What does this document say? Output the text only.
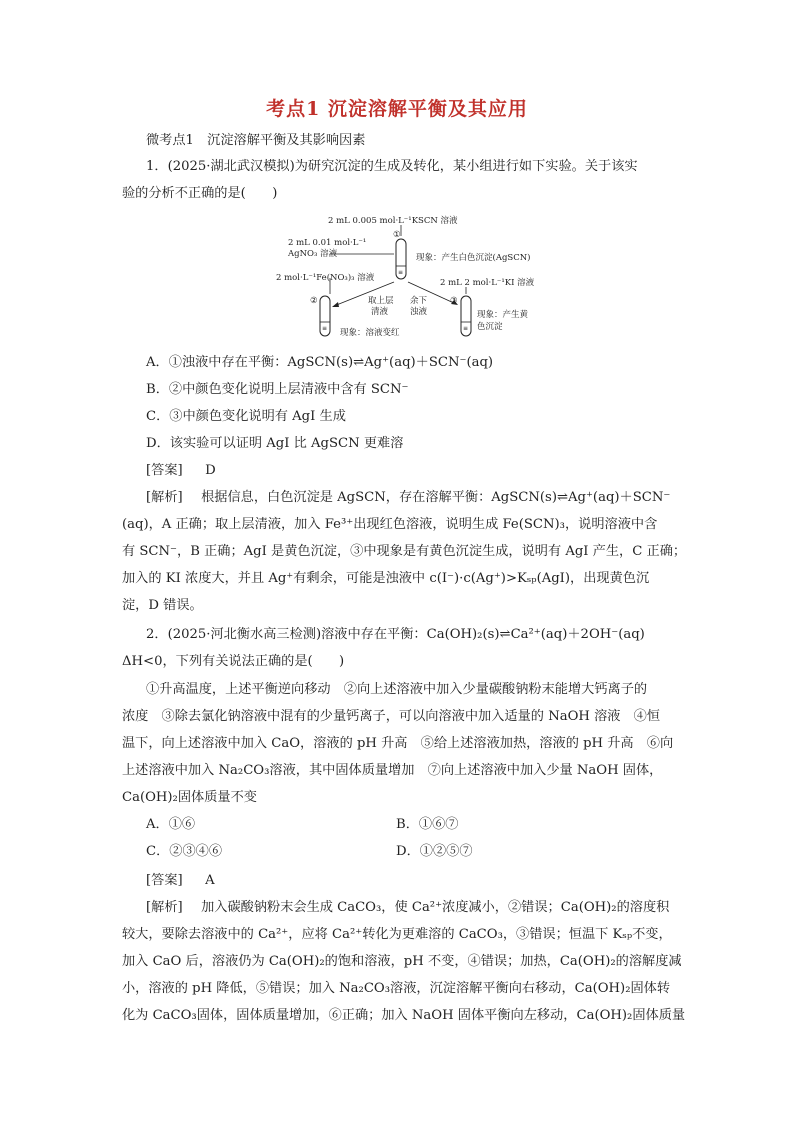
考点1 沉淀溶解平衡及其应用
微考点1　沉淀溶解平衡及其影响因素
1．(2025·湖北武汉模拟)为研究沉淀的生成及转化，某小组进行如下实验。关于该实
验的分析不正确的是(　　)
≡
2 mL 0.005 mol·L⁻¹KSCN 溶液
①
2 mL 0.01 mol·L⁻¹
AgNO₃ 溶液	现象：产生白色沉淀(AgSCN)
2 mol·L⁻¹Fe(NO₃)₃ 溶液	2 mL 2 mol·L⁻¹KI 溶液
取上层
清液
余下
浊液
②
≡ 现象：溶液变红
③
≡
现象：产生黄
色沉淀
A．①浊液中存在平衡：AgSCN(s)⇌Ag⁺(aq)＋SCN⁻(aq)
B．②中颜色变化说明上层清液中含有 SCN⁻
C．③中颜色变化说明有 AgI 生成
D．该实验可以证明 AgI 比 AgSCN 更难溶
[答案] D
[解析] 根据信息，白色沉淀是 AgSCN，存在溶解平衡：AgSCN(s)⇌Ag⁺(aq)＋SCN⁻
(aq)，A 正确；取上层清液，加入 Fe³⁺出现红色溶液，说明生成 Fe(SCN)₃，说明溶液中含
有 SCN⁻，B 正确；AgI 是黄色沉淀，③中现象是有黄色沉淀生成，说明有 AgI 产生，C 正确；
加入的 KI 浓度大，并且 Ag⁺有剩余，可能是浊液中 c(I⁻)·c(Ag⁺)>Kₛₚ(AgI)，出现黄色沉
淀，D 错误。
2．(2025·河北衡水高三检测)溶液中存在平衡：Ca(OH)₂(s)⇌Ca²⁺(aq)＋2OH⁻(aq)
ΔH<0，下列有关说法正确的是(　　)
①升高温度，上述平衡逆向移动　②向上述溶液中加入少量碳酸钠粉末能增大钙离子的
浓度　③除去氯化钠溶液中混有的少量钙离子，可以向溶液中加入适量的 NaOH 溶液　④恒
温下，向上述溶液中加入 CaO，溶液的 pH 升高　⑤给上述溶液加热，溶液的 pH 升高　⑥向
上述溶液中加入 Na₂CO₃溶液，其中固体质量增加　⑦向上述溶液中加入少量 NaOH 固体，
Ca(OH)₂固体质量不变
A．①⑥	B．①⑥⑦
C．②③④⑥	D．①②⑤⑦
[答案] A
[解析] 加入碳酸钠粉末会生成 CaCO₃，使 Ca²⁺浓度减小，②错误；Ca(OH)₂的溶度积
较大，要除去溶液中的 Ca²⁺，应将 Ca²⁺转化为更难溶的 CaCO₃，③错误；恒温下 Kₛₚ不变，
加入 CaO 后，溶液仍为 Ca(OH)₂的饱和溶液，pH 不变，④错误；加热，Ca(OH)₂的溶解度减
小，溶液的 pH 降低，⑤错误；加入 Na₂CO₃溶液，沉淀溶解平衡向右移动，Ca(OH)₂固体转
化为 CaCO₃固体，固体质量增加，⑥正确；加入 NaOH 固体平衡向左移动，Ca(OH)₂固体质量
